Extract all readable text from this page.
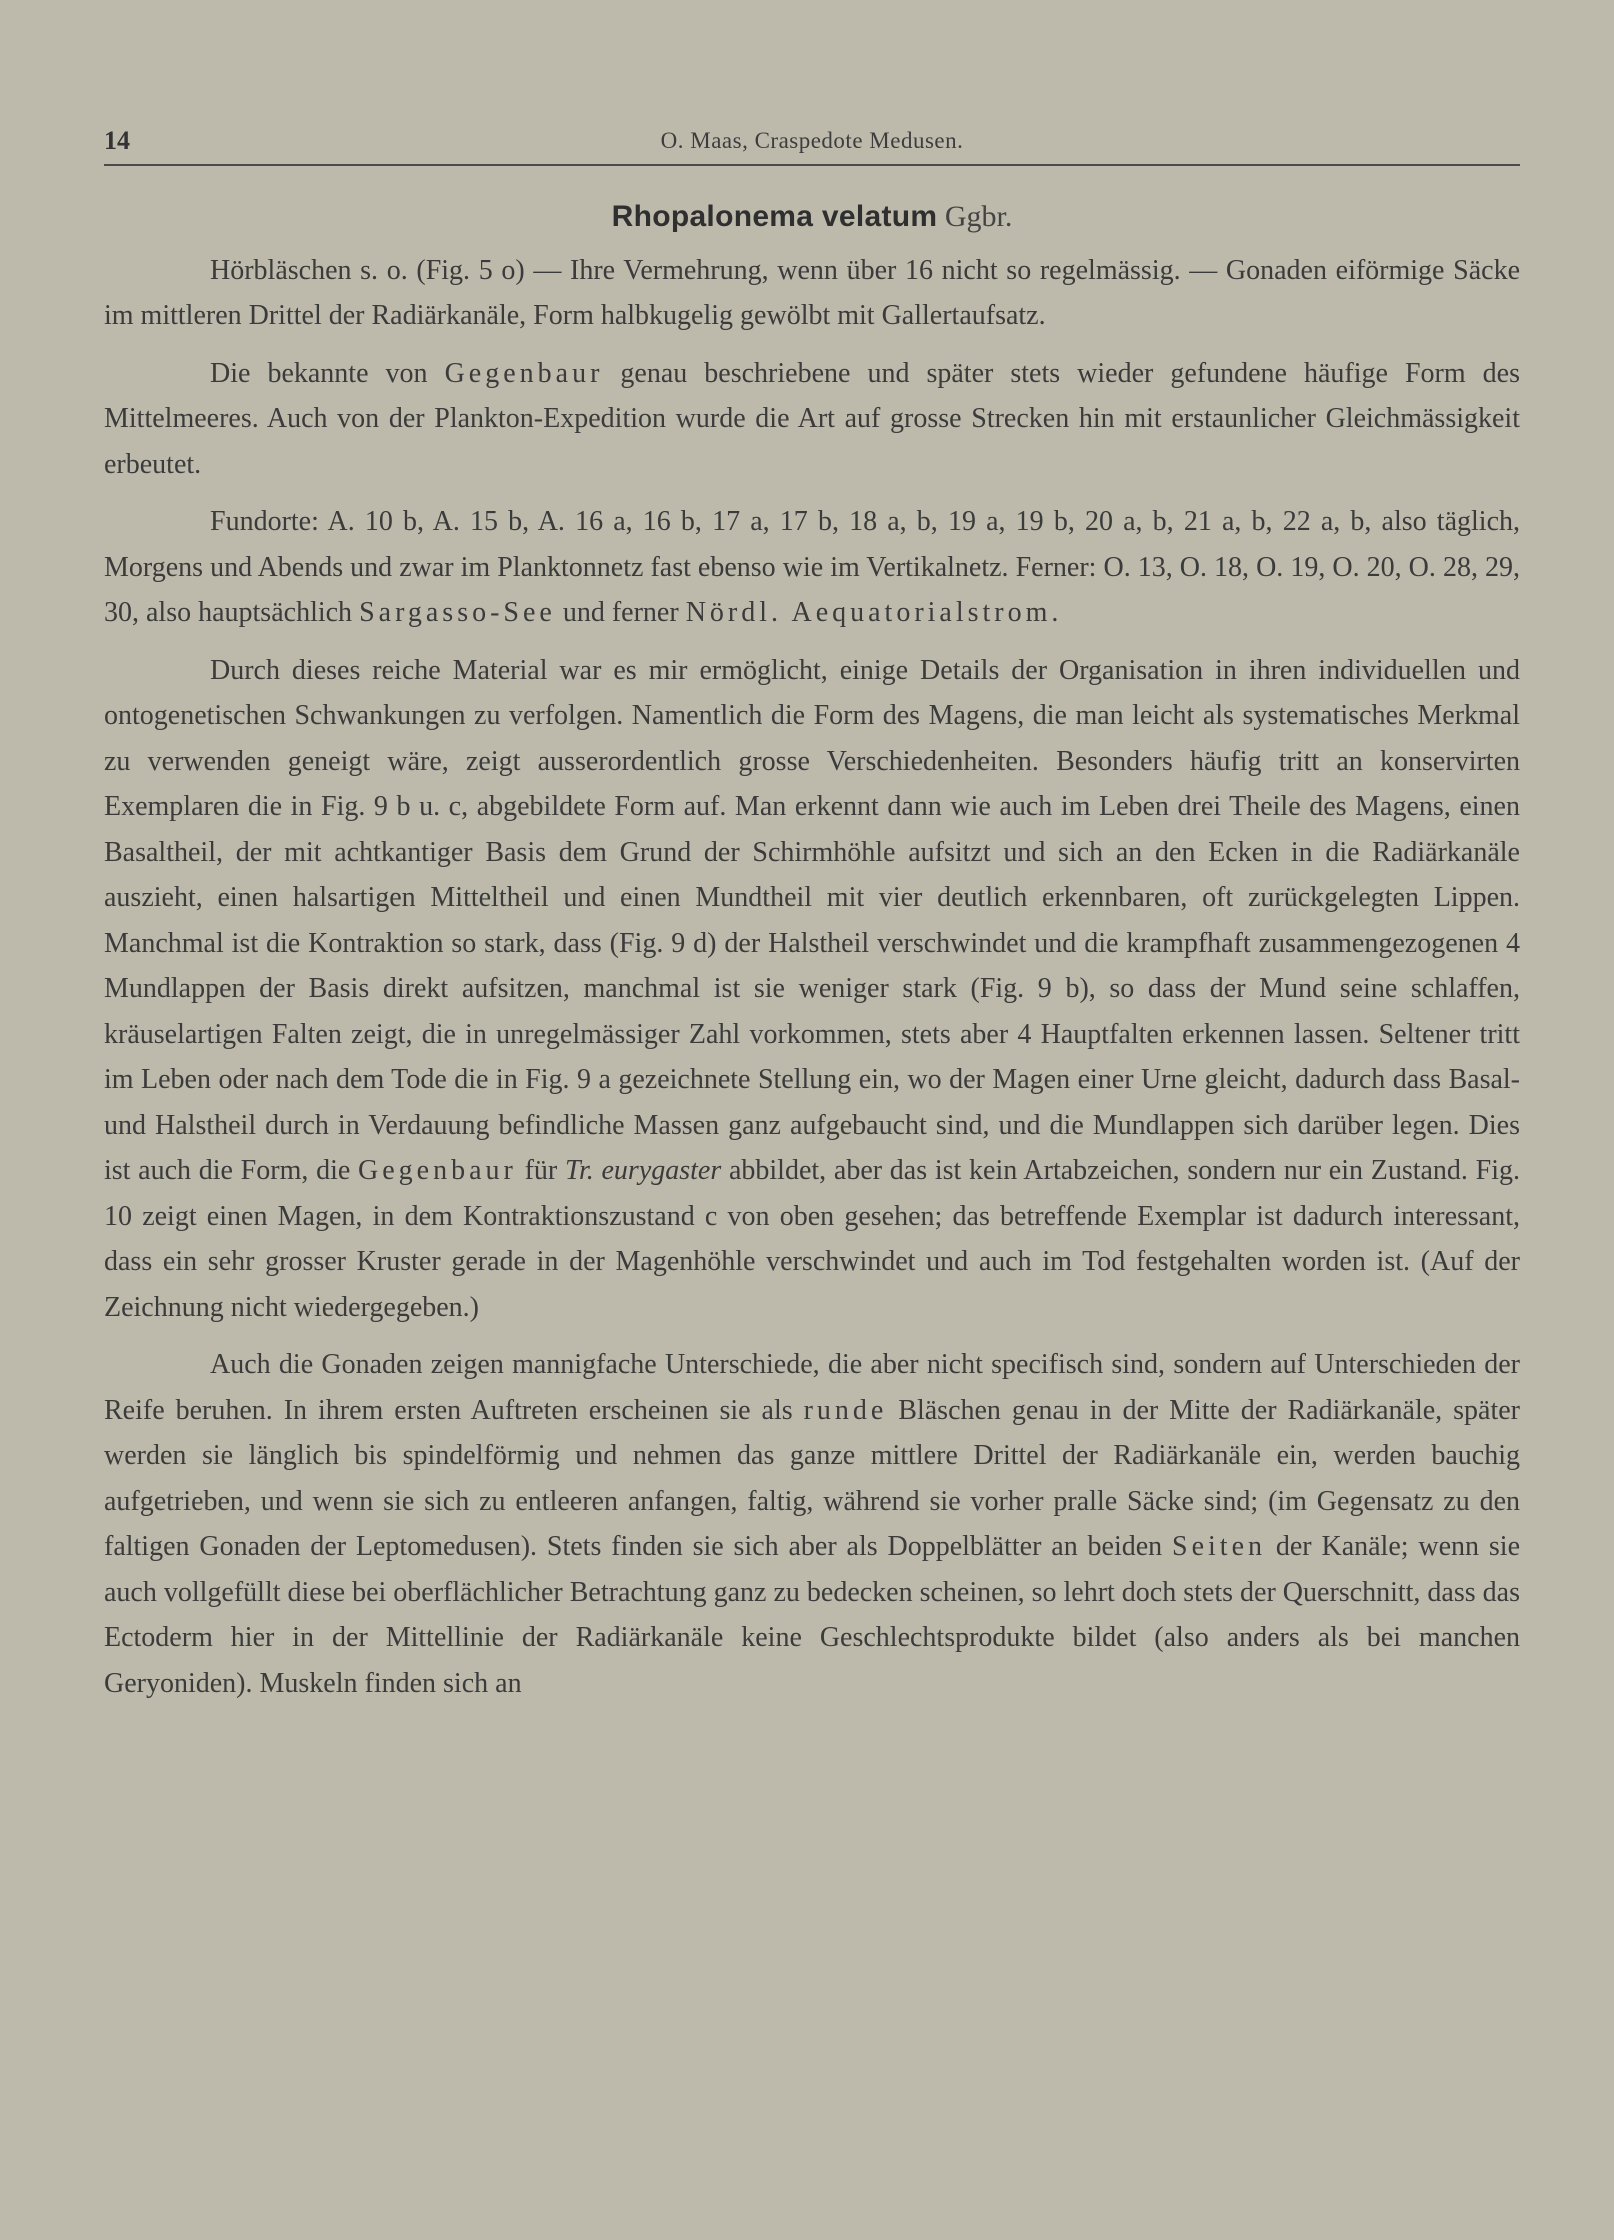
14	O. Maas, Craspedote Medusen.
Rhopalonema velatum Ggbr.

Hörbläschen s. o. (Fig. 5 o) — Ihre Vermehrung, wenn über 16 nicht so regelmässig. — Gonaden eiförmige Säcke im mittleren Drittel der Radiärkanäle, Form halbkugelig gewölbt mit Gallertaufsatz.

Die bekannte von Gegenbaur genau beschriebene und später stets wieder gefundene häufige Form des Mittelmeeres. Auch von der Plankton-Expedition wurde die Art auf grosse Strecken hin mit erstaunlicher Gleichmässigkeit erbeutet.

Fundorte: A. 10 b, A. 15 b, A. 16 a, 16 b, 17 a, 17 b, 18 a, b, 19 a, 19 b, 20 a, b, 21 a, b, 22 a, b, also täglich, Morgens und Abends und zwar im Planktonnetz fast ebenso wie im Vertikalnetz. Ferner: O. 13, O. 18, O. 19, O. 20, O. 28, 29, 30, also hauptsächlich Sargasso-See und ferner Nördl. Aequatorialstrom.

Durch dieses reiche Material war es mir ermöglicht, einige Details der Organisation in ihren individuellen und ontogenetischen Schwankungen zu verfolgen. Namentlich die Form des Magens, die man leicht als systematisches Merkmal zu verwenden geneigt wäre, zeigt ausserordentlich grosse Verschiedenheiten. Besonders häufig tritt an konservirten Exemplaren die in Fig. 9 b u. c, abgebildete Form auf. Man erkennt dann wie auch im Leben drei Theile des Magens, einen Basaltheil, der mit achtkantiger Basis dem Grund der Schirmhöhle aufsitzt und sich an den Ecken in die Radiärkanäle auszieht, einen halsartigen Mitteltheil und einen Mundtheil mit vier deutlich erkennbaren, oft zurückgelegten Lippen. Manchmal ist die Kontraktion so stark, dass (Fig. 9 d) der Halstheil verschwindet und die krampfhaft zusammengezogenen 4 Mundlappen der Basis direkt aufsitzen, manchmal ist sie weniger stark (Fig. 9 b), so dass der Mund seine schlaffen, kräuselartigen Falten zeigt, die in unregelmässiger Zahl vorkommen, stets aber 4 Hauptfalten erkennen lassen. Seltener tritt im Leben oder nach dem Tode die in Fig. 9 a gezeichnete Stellung ein, wo der Magen einer Urne gleicht, dadurch dass Basal- und Halstheil durch in Verdauung befindliche Massen ganz aufgebaucht sind, und die Mundlappen sich darüber legen. Dies ist auch die Form, die Gegenbaur für Tr. eurygaster abbildet, aber das ist kein Artabzeichen, sondern nur ein Zustand. Fig. 10 zeigt einen Magen, in dem Kontraktionszustand c von oben gesehen; das betreffende Exemplar ist dadurch interessant, dass ein sehr grosser Kruster gerade in der Magenhöhle verschwindet und auch im Tod festgehalten worden ist. (Auf der Zeichnung nicht wiedergegeben.)

Auch die Gonaden zeigen mannigfache Unterschiede, die aber nicht specifisch sind, sondern auf Unterschieden der Reife beruhen. In ihrem ersten Auftreten erscheinen sie als runde Bläschen genau in der Mitte der Radiärkanäle, später werden sie länglich bis spindelförmig und nehmen das ganze mittlere Drittel der Radiärkanäle ein, werden bauchig aufgetrieben, und wenn sie sich zu entleeren anfangen, faltig, während sie vorher pralle Säcke sind; (im Gegensatz zu den faltigen Gonaden der Leptomedusen). Stets finden sie sich aber als Doppelblätter an beiden Seiten der Kanäle; wenn sie auch vollgefüllt diese bei oberflächlicher Betrachtung ganz zu bedecken scheinen, so lehrt doch stets der Querschnitt, dass das Ectoderm hier in der Mittellinie der Radiärkanäle keine Geschlechtsprodukte bildet (also anders als bei manchen Geryoniden). Muskeln finden sich an
